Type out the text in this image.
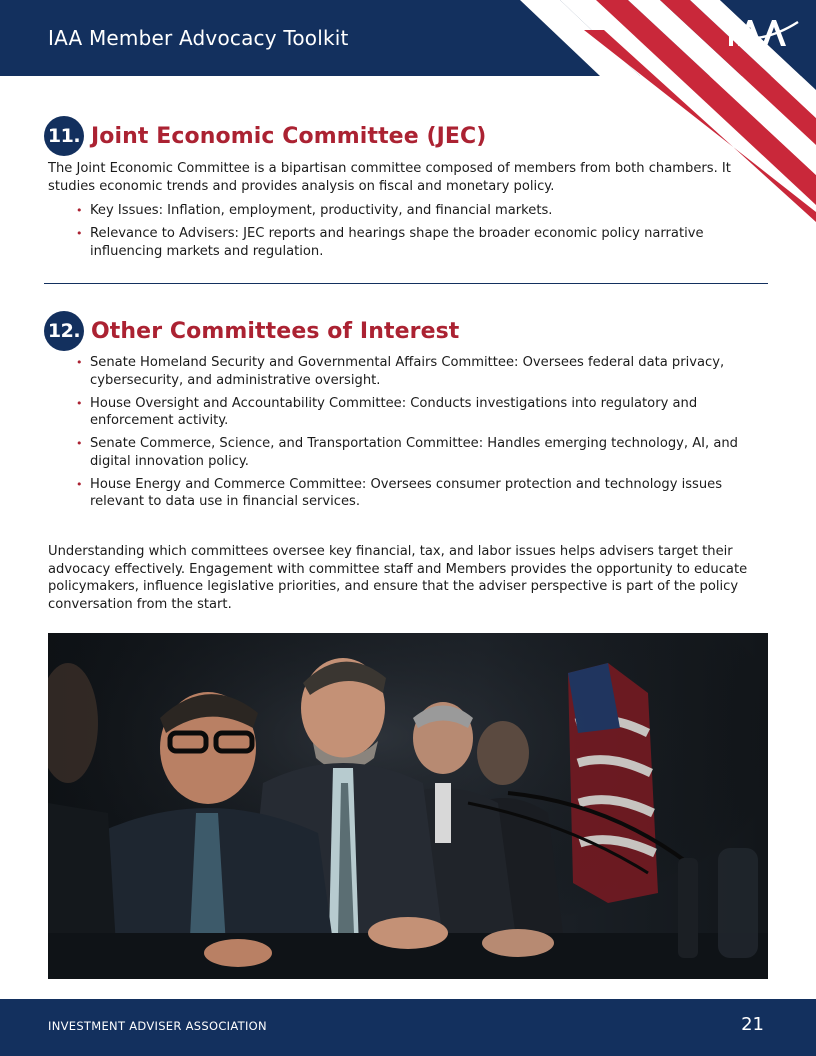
IAA Member Advocacy Toolkit
11. Joint Economic Committee (JEC)

The Joint Economic Committee is a bipartisan committee composed of members from both chambers. It studies economic trends and provides analysis on fiscal and monetary policy.

• Key Issues: Inflation, employment, productivity, and financial markets.
• Relevance to Advisers: JEC reports and hearings shape the broader economic policy narrative influencing markets and regulation.
12. Other Committees of Interest
• Senate Homeland Security and Governmental Affairs Committee: Oversees federal data privacy, cybersecurity, and administrative oversight.
• House Oversight and Accountability Committee: Conducts investigations into regulatory and enforcement activity.
• Senate Commerce, Science, and Transportation Committee: Handles emerging technology, AI, and digital innovation policy.
• House Energy and Commerce Committee: Oversees consumer protection and technology issues relevant to data use in financial services.

Understanding which committees oversee key financial, tax, and labor issues helps advisers target their advocacy effectively. Engagement with committee staff and Members provides the opportunity to educate policymakers, influence legislative priorities, and ensure that the adviser perspective is part of the policy conversation from the start.

INVESTMENT ADVISER ASSOCIATION	21
